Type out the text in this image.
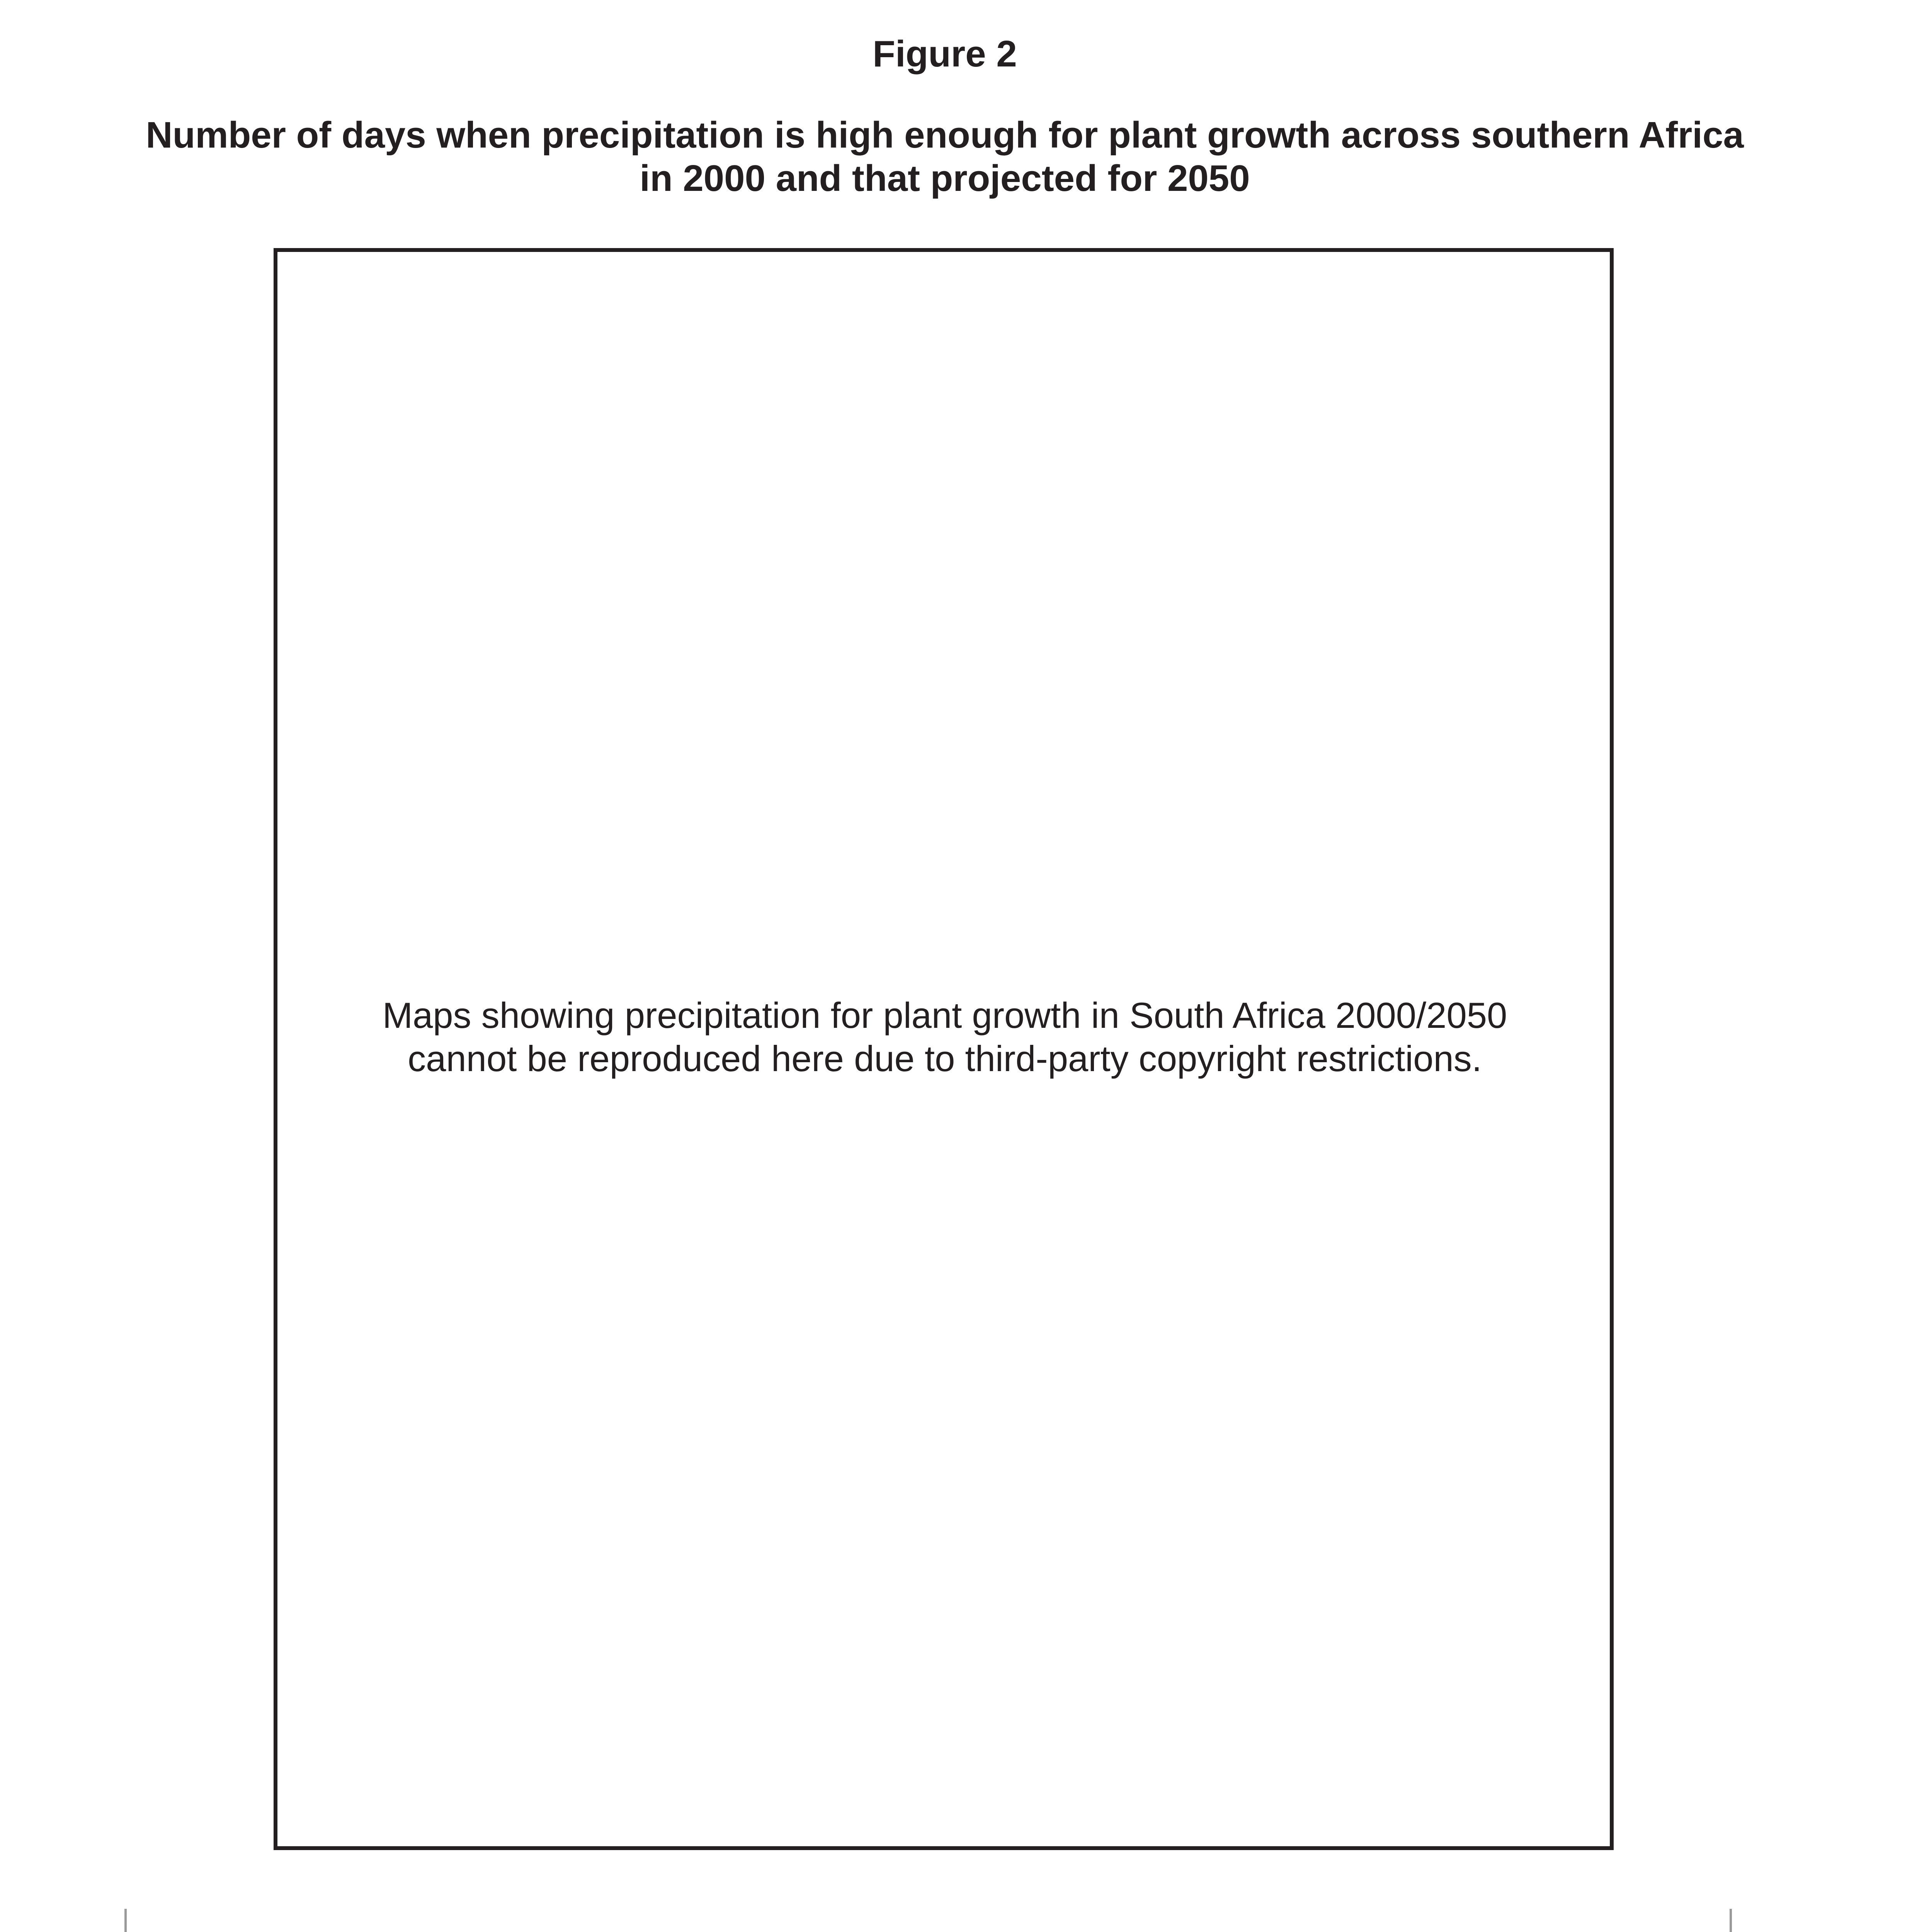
Figure 2
Number of days when precipitation is high enough for plant growth across southern Africa
in 2000 and that projected for 2050
Maps showing precipitation for plant growth in South Africa 2000/2050
cannot be reproduced here due to third-party copyright restrictions.
